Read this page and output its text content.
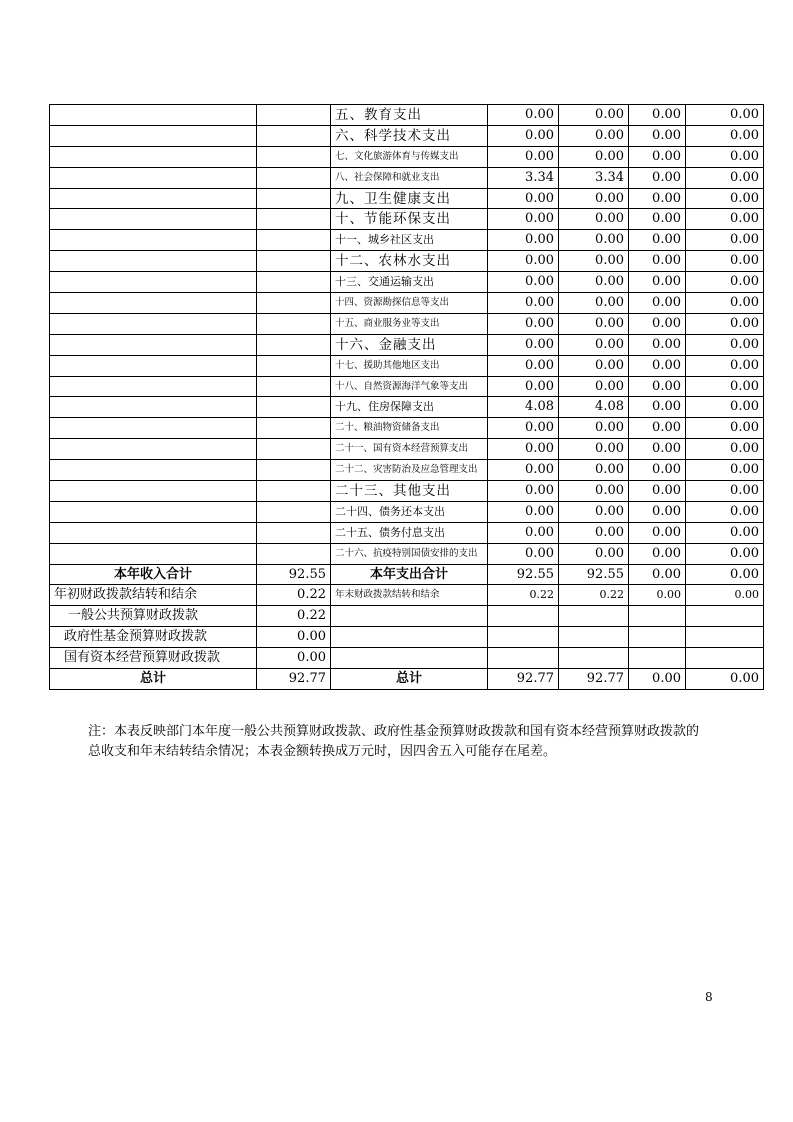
		五、教育支出	0.00	0.00	0.00	0.00
		六、科学技术支出	0.00	0.00	0.00	0.00
		七、文化旅游体育与传媒支出	0.00	0.00	0.00	0.00
		八、社会保障和就业支出	3.34	3.34	0.00	0.00
		九、卫生健康支出	0.00	0.00	0.00	0.00
		十、节能环保支出	0.00	0.00	0.00	0.00
		十一、城乡社区支出	0.00	0.00	0.00	0.00
		十二、农林水支出	0.00	0.00	0.00	0.00
		十三、交通运输支出	0.00	0.00	0.00	0.00
		十四、资源勘探信息等支出	0.00	0.00	0.00	0.00
		十五、商业服务业等支出	0.00	0.00	0.00	0.00
		十六、金融支出	0.00	0.00	0.00	0.00
		十七、援助其他地区支出	0.00	0.00	0.00	0.00
		十八、自然资源海洋气象等支出	0.00	0.00	0.00	0.00
		十九、住房保障支出	4.08	4.08	0.00	0.00
		二十、粮油物资储备支出	0.00	0.00	0.00	0.00
		二十一、国有资本经营预算支出	0.00	0.00	0.00	0.00
		二十二、灾害防治及应急管理支出	0.00	0.00	0.00	0.00
		二十三、其他支出	0.00	0.00	0.00	0.00
		二十四、债务还本支出	0.00	0.00	0.00	0.00
		二十五、债务付息支出	0.00	0.00	0.00	0.00
		二十六、抗疫特别国债安排的支出	0.00	0.00	0.00	0.00
本年收入合计	92.55	本年支出合计	92.55	92.55	0.00	0.00
年初财政拨款结转和结余	0.22	年末财政拨款结转和结余	0.22	0.22	0.00	0.00
一般公共预算财政拨款	0.22					
政府性基金预算财政拨款	0.00					
国有资本经营预算财政拨款	0.00					
总计	92.77	总计	92.77	92.77	0.00	0.00
注：本表反映部门本年度一般公共预算财政拨款、政府性基金预算财政拨款和国有资本经营预算财政拨款的
总收支和年末结转结余情况；本表金额转换成万元时，因四舍五入可能存在尾差。
8
